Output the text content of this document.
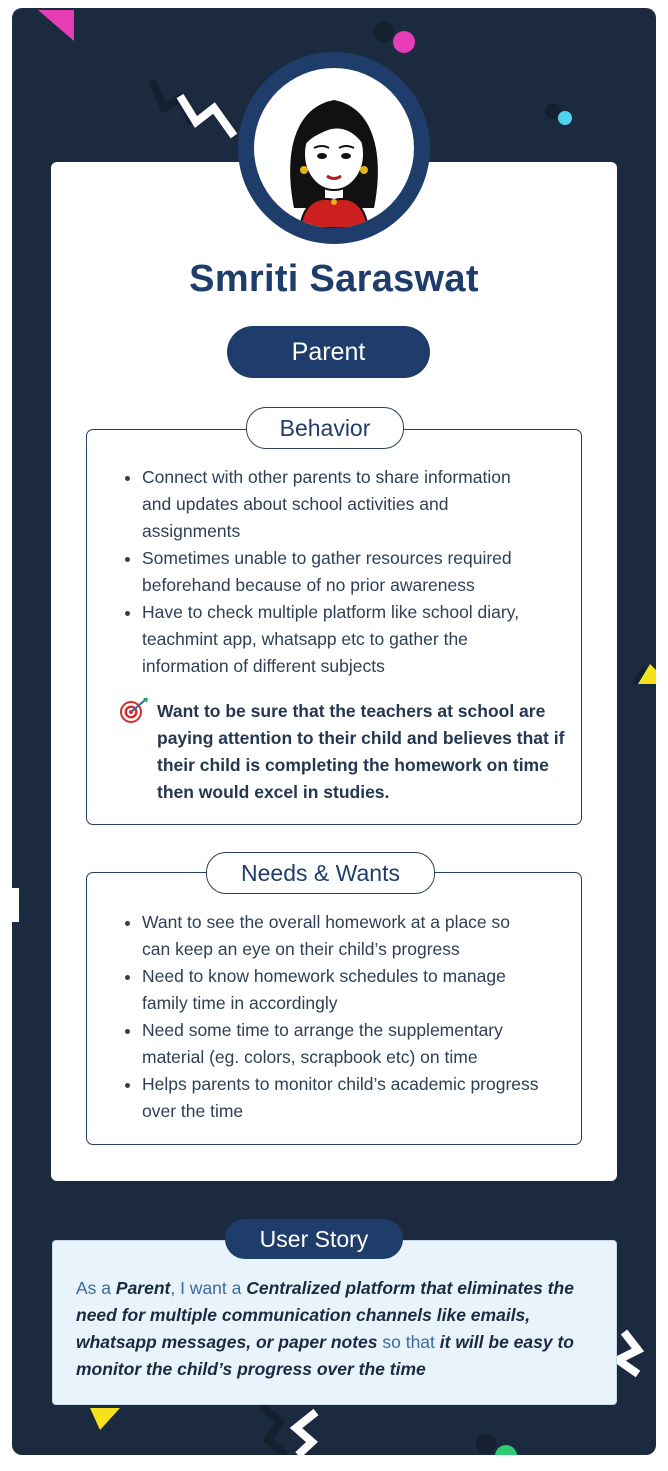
Smriti Saraswat
Parent
Behavior
• Connect with other parents to share information and updates about school activities and assignments
• Sometimes unable to gather resources required beforehand because of no prior awareness
• Have to check multiple platform like school diary, teachmint app, whatsapp etc to gather the information of different subjects
Want to be sure that the teachers at school are paying attention to their child and believes that if their child is completing the homework on time then would excel in studies.
Needs & Wants
• Want to see the overall homework at a place so can keep an eye on their child’s progress
• Need to know homework schedules to manage family time in accordingly
• Need some time to arrange the supplementary material (eg. colors, scrapbook etc) on time
• Helps parents to monitor child’s academic progress over the time
User Story
As a Parent, I want a Centralized platform that eliminates the need for multiple communication channels like emails, whatsapp messages, or paper notes so that it will be easy to monitor the child’s progress over the time
